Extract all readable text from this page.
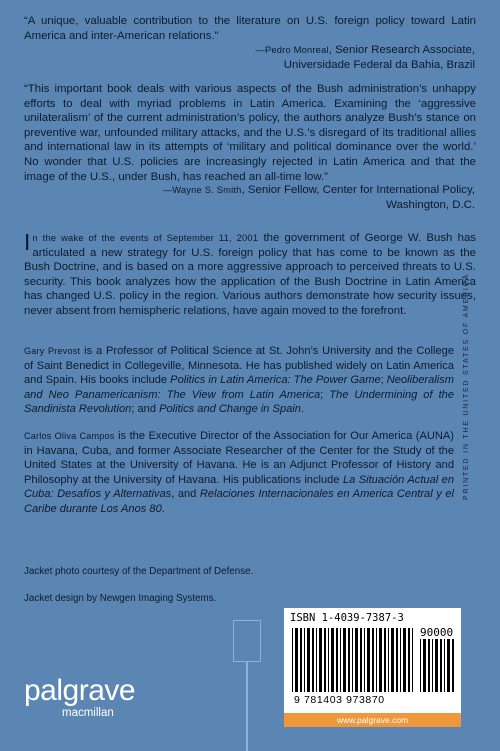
“A unique, valuable contribution to the literature on U.S. foreign policy toward Latin America and inter-American relations.”

—Pedro Monreal, Senior Research Associate,
Universidade Federal da Bahia, Brazil

“This important book deals with various aspects of the Bush administration’s unhappy efforts to deal with myriad problems in Latin America. Examining the ‘aggressive unilateralism’ of the current administration’s policy, the authors analyze Bush’s stance on preventive war, unfounded military attacks, and the U.S.’s disregard of its traditional allies and international law in its attempts of ‘military and political dominance over the world.’ No wonder that U.S. policies are increasingly rejected in Latin America and that the image of the U.S., under Bush, has reached an all-time low.”

—Wayne S. Smith, Senior Fellow, Center for International Policy,
Washington, D.C.

In the wake of the events of September 11, 2001 the government of George W. Bush has articulated a new strategy for U.S. foreign policy that has come to be known as the Bush Doctrine, and is based on a more aggressive approach to perceived threats to U.S. security. This book analyzes how the application of the Bush Doctrine in Latin America has changed U.S. policy in the region. Various authors demonstrate how security issues, never absent from hemispheric relations, have again moved to the forefront.

Gary Prevost is a Professor of Political Science at St. John’s University and the College of Saint Benedict in Collegeville, Minnesota. He has published widely on Latin America and Spain. His books include Politics in Latin America: The Power Game; Neoliberalism and Neo Panamericanism: The View from Latin America; The Undermining of the Sandinista Revolution; and Politics and Change in Spain.

Carlos Oliva Campos is the Executive Director of the Association for Our America (AUNA) in Havana, Cuba, and former Associate Researcher of the Center for the Study of the United States at the University of Havana. He is an Adjunct Professor of History and Philosophy at the University of Havana. His publications include La Situación Actual en Cuba: Desafíos y Alternativas, and Relaciones Internacionales en America Central y el Caribe durante Los Anos 80.

Jacket photo courtesy of the Department of Defense.
Jacket design by Newgen Imaging Systems.
PRINTED IN THE UNITED STATES OF AMERICA
ISBN 1-4039-7387-3
90000
9 781403 973870
www.palgrave.com
palgrave
macmillan
